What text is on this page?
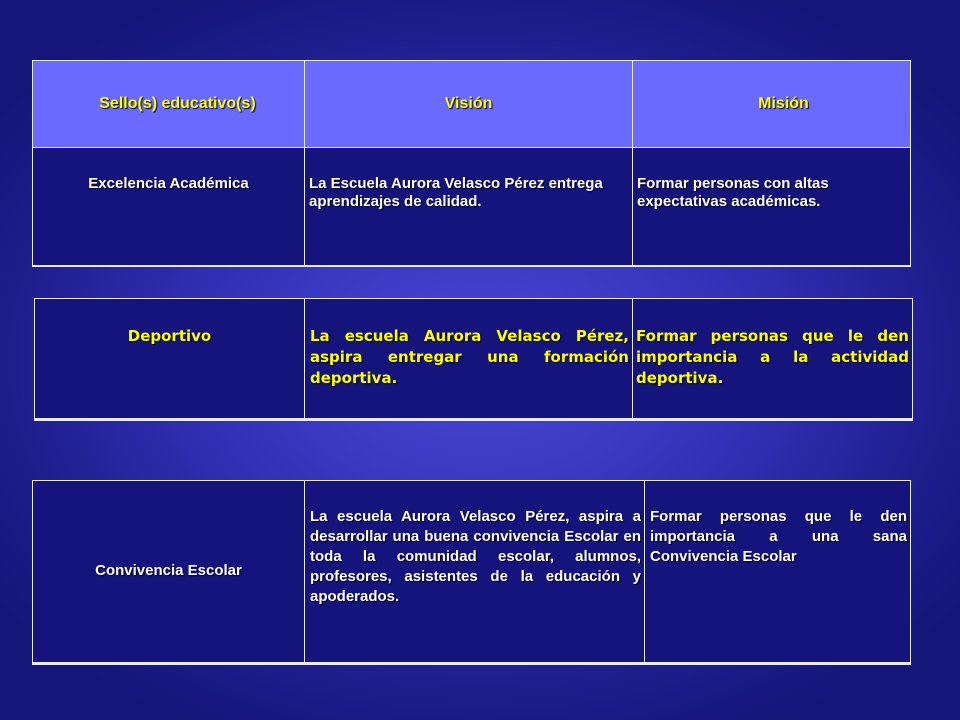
Sello(s) educativo(s)	Visión	Misión
Excelencia Académica	La Escuela Aurora Velasco Pérez entrega aprendizajes de calidad.	Formar personas con altas expectativas académicas.
Deportivo	La escuela Aurora Velasco Pérez, aspira entregar una formación deportiva.	Formar personas que le den importancia a la actividad deportiva.
Convivencia Escolar	La escuela Aurora Velasco Pérez, aspira a desarrollar una buena convivencia Escolar en toda la comunidad escolar, alumnos, profesores, asistentes de la educación y apoderados.	Formar personas que le den importancia a una sana Convivencia Escolar
